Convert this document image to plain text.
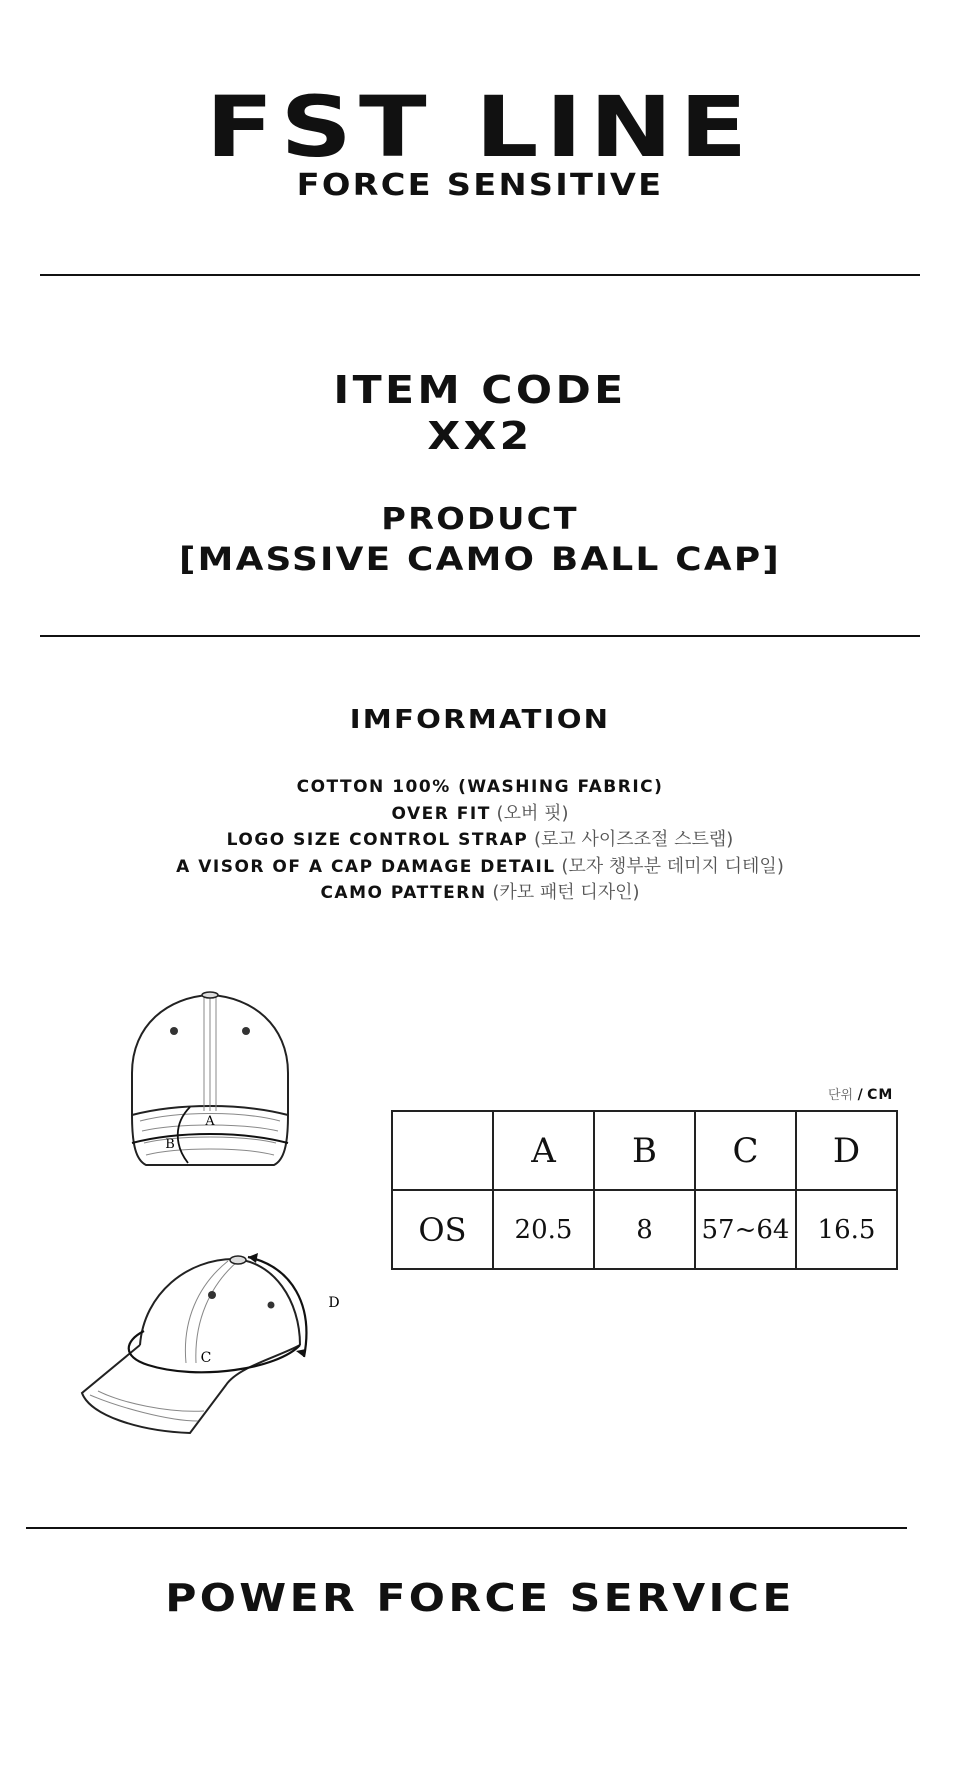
FST LINE
FORCE SENSITIVE
ITEM CODE
XX2
PRODUCT
[MASSIVE CAMO BALL CAP]
IMFORMATION
COTTON 100% (WASHING FABRIC)
OVER FIT (오버 핏)
LOGO SIZE CONTROL STRAP (로고 사이즈조절 스트랩)
A VISOR OF A CAP DAMAGE DETAIL (모자 챙부분 데미지 디테일)
CAMO PATTERN (카모 패턴 디자인)
A
B
C
D
단위 / CM
	A	B	C	D
OS	20.5	8	57~64	16.5
POWER FORCE SERVICE
